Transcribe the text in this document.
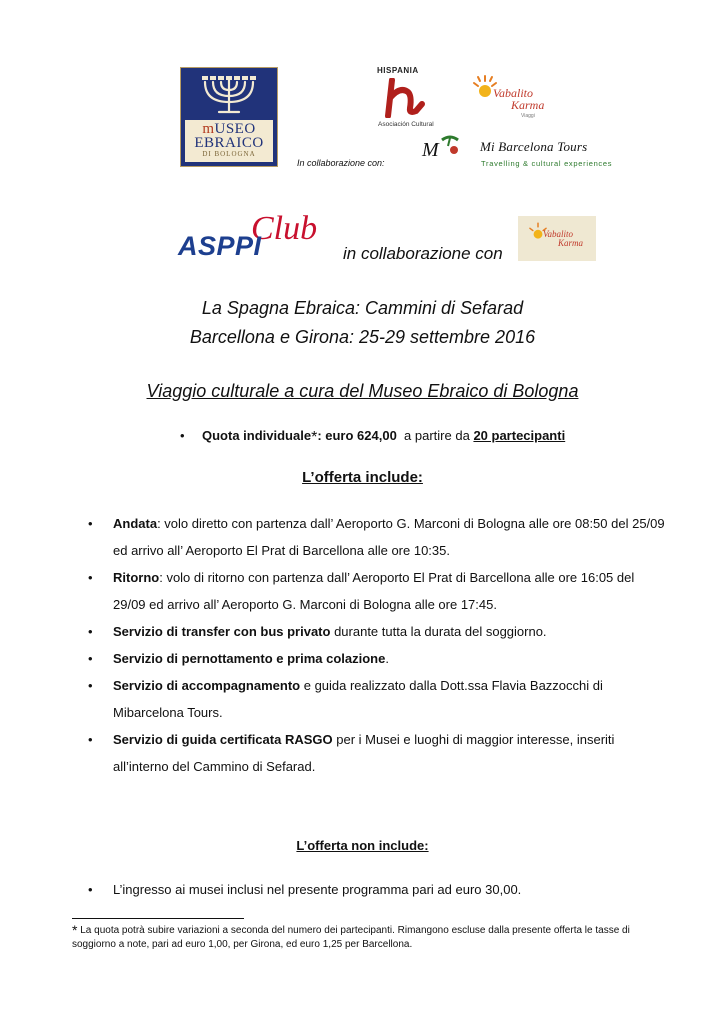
mUSEO
EBRAICO
DI BOLOGNA
HISPANIA
Asociación Cultural
Vabalito
Karma
Viaggi
In collaborazione con:
M	Mi Barcelona Tours
Travelling & cultural experiences
Club
ASPPI	in collaborazione con
Vabalito
Karma
La Spagna Ebraica: Cammini di Sefarad
Barcellona e Girona: 25-29 settembre 2016
Viaggio culturale a cura del Museo Ebraico di Bologna
• Quota individuale*: euro 624,00 a partire da 20 partecipanti
L’offerta include:
• Andata: volo diretto con partenza dall’ Aeroporto G. Marconi di Bologna alle ore 08:50 del 25/09 ed arrivo all’ Aeroporto El Prat di Barcellona alle ore 10:35.
• Ritorno: volo di ritorno con partenza dall’ Aeroporto El Prat di Barcellona alle ore 16:05 del 29/09 ed arrivo all’ Aeroporto G. Marconi di Bologna alle ore 17:45.
• Servizio di transfer con bus privato durante tutta la durata del soggiorno.
• Servizio di pernottamento e prima colazione.
• Servizio di accompagnamento e guida realizzato dalla Dott.ssa Flavia Bazzocchi di Mibarcelona Tours.
• Servizio di guida certificata RASGO per i Musei e luoghi di maggior interesse, inseriti all’interno del Cammino di Sefarad.
L’offerta non include:
• L’ingresso ai musei inclusi nel presente programma pari ad euro 30,00.
* La quota potrà subire variazioni a seconda del numero dei partecipanti. Rimangono escluse dalla presente offerta le tasse di soggiorno a note, pari ad euro 1,00, per Girona, ed euro 1,25 per Barcellona.
